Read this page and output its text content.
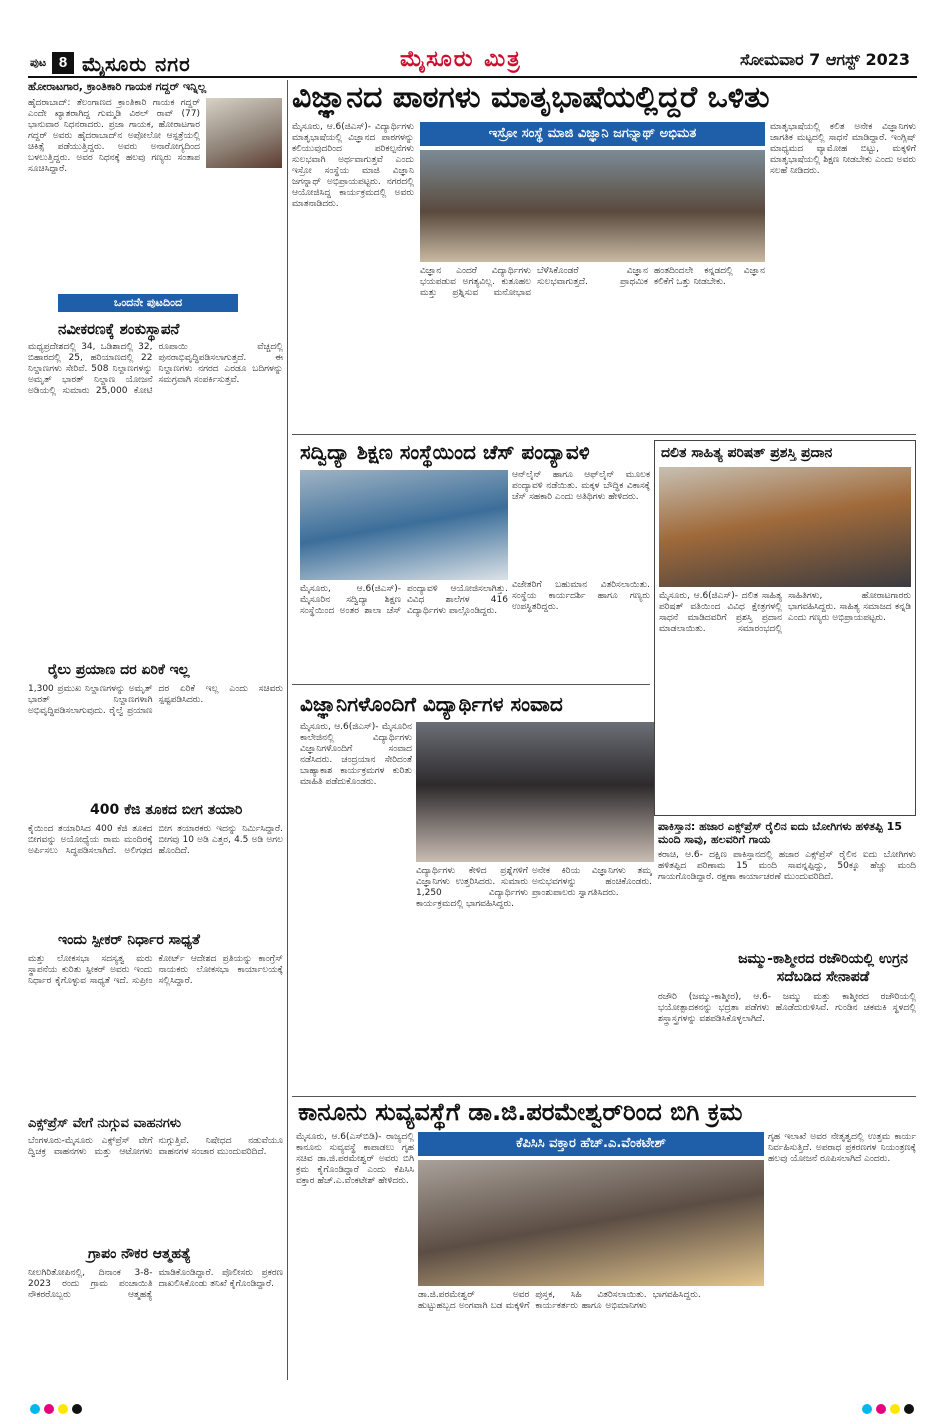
ಪುಟ 8 ಮೈಸೂರು ನಗರ	ಮೈಸೂರು ಮಿತ್ರ	ಸೋಮವಾರ 7 ಆಗಸ್ಟ್ 2023
ಹೋರಾಟಗಾರ, ಕ್ರಾಂತಿಕಾರಿ ಗಾಯಕ ಗದ್ದರ್ ಇನ್ನಿಲ್ಲ
ಹೈದರಾಬಾದ್: ತೆಲಂಗಾಣದ ಕ್ರಾಂತಿಕಾರಿ ಗಾಯಕ ಗದ್ದರ್ ಎಂದೇ ಖ್ಯಾತರಾಗಿದ್ದ ಗುಮ್ಮಡಿ ವಿಠಲ್ ರಾವ್ (77) ಭಾನುವಾರ ನಿಧನರಾದರು. ಪ್ರಜಾ ಗಾಯಕ, ಹೋರಾಟಗಾರ ಗದ್ದರ್ ಅವರು ಹೈದರಾಬಾದ್‌ನ ಅಪೋಲೋ ಆಸ್ಪತ್ರೆಯಲ್ಲಿ ಚಿಕಿತ್ಸೆ ಪಡೆಯುತ್ತಿದ್ದರು. ಅವರು ಅನಾರೋಗ್ಯದಿಂದ ಬಳಲುತ್ತಿದ್ದರು. ಅವರ ನಿಧನಕ್ಕೆ ಹಲವು ಗಣ್ಯರು ಸಂತಾಪ ಸೂಚಿಸಿದ್ದಾರೆ.
ಒಂದನೇ ಪುಟದಿಂದ
ನವೀಕರಣಕ್ಕೆ ಶಂಕುಸ್ಥಾಪನೆ
ಮಧ್ಯಪ್ರದೇಶದಲ್ಲಿ 34, ಒಡಿಶಾದಲ್ಲಿ 32, ಬಿಹಾರದಲ್ಲಿ 25, ಹರಿಯಾಣದಲ್ಲಿ 22 ನಿಲ್ದಾಣಗಳು ಸೇರಿವೆ. 508 ನಿಲ್ದಾಣಗಳನ್ನು ಅಮೃತ್ ಭಾರತ್ ನಿಲ್ದಾಣ ಯೋಜನೆ ಅಡಿಯಲ್ಲಿ ಸುಮಾರು 25,000 ಕೋಟಿ ರೂಪಾಯಿ ವೆಚ್ಚದಲ್ಲಿ ಪುನರಾಭಿವೃದ್ಧಿಪಡಿಸಲಾಗುತ್ತದೆ. ಈ ನಿಲ್ದಾಣಗಳು ನಗರದ ಎರಡೂ ಬದಿಗಳನ್ನು ಸಮಗ್ರವಾಗಿ ಸಂಪರ್ಕಿಸುತ್ತವೆ.
ರೈಲು ಪ್ರಯಾಣ ದರ ಏರಿಕೆ ಇಲ್ಲ
1,300 ಪ್ರಮುಖ ನಿಲ್ದಾಣಗಳನ್ನು ಅಮೃತ್ ಭಾರತ್ ನಿಲ್ದಾಣಗಳಾಗಿ ಅಭಿವೃದ್ಧಿಪಡಿಸಲಾಗುವುದು. ರೈಲ್ವೆ ಪ್ರಯಾಣ ದರ ಏರಿಕೆ ಇಲ್ಲ ಎಂದು ಸಚಿವರು ಸ್ಪಷ್ಟಪಡಿಸಿದರು.
400 ಕೆಜಿ ತೂಕದ ಬೀಗ ತಯಾರಿ
ಕೈಯಿಂದ ತಯಾರಿಸಿದ 400 ಕೆಜಿ ತೂಕದ ಬೀಗವನ್ನು ಅಯೋಧ್ಯೆಯ ರಾಮ ಮಂದಿರಕ್ಕೆ ಅರ್ಪಿಸಲು ಸಿದ್ಧಪಡಿಸಲಾಗಿದೆ. ಅಲಿಗಢದ ಬೀಗ ತಯಾರಕರು ಇದನ್ನು ನಿರ್ಮಿಸಿದ್ದಾರೆ. ಬೀಗವು 10 ಅಡಿ ಎತ್ತರ, 4.5 ಅಡಿ ಅಗಲ ಹೊಂದಿದೆ.
ಇಂದು ಸ್ಪೀಕರ್ ನಿರ್ಧಾರ ಸಾಧ್ಯತೆ
ಮತ್ತು ಲೋಕಸಭಾ ಸದಸ್ಯತ್ವ ಮರು ಸ್ಥಾಪನೆಯ ಕುರಿತು ಸ್ಪೀಕರ್ ಅವರು ಇಂದು ನಿರ್ಧಾರ ಕೈಗೊಳ್ಳುವ ಸಾಧ್ಯತೆ ಇದೆ. ಸುಪ್ರೀಂ ಕೋರ್ಟ್ ಆದೇಶದ ಪ್ರತಿಯನ್ನು ಕಾಂಗ್ರೆಸ್ ನಾಯಕರು ಲೋಕಸಭಾ ಕಾರ್ಯಾಲಯಕ್ಕೆ ಸಲ್ಲಿಸಿದ್ದಾರೆ.
ಎಕ್ಸ್‌ಪ್ರೆಸ್ ವೇಗೆ ನುಗ್ಗುವ ವಾಹನಗಳು
ಬೆಂಗಳೂರು-ಮೈಸೂರು ಎಕ್ಸ್‌ಪ್ರೆಸ್ ವೇಗೆ ದ್ವಿಚಕ್ರ ವಾಹನಗಳು ಮತ್ತು ಆಟೋಗಳು ನುಗ್ಗುತ್ತಿವೆ. ನಿಷೇಧದ ನಡುವೆಯೂ ವಾಹನಗಳ ಸಂಚಾರ ಮುಂದುವರಿದಿದೆ.
ಗ್ರಾಪಂ ನೌಕರ ಆತ್ಮಹತ್ಯೆ
ನೀಲಗಿರಿತೋಪಿನಲ್ಲಿ, ದಿನಾಂಕ 3-8-2023 ರಂದು ಗ್ರಾಮ ಪಂಚಾಯಿತಿ ನೌಕರರೊಬ್ಬರು ಆತ್ಮಹತ್ಯೆ ಮಾಡಿಕೊಂಡಿದ್ದಾರೆ. ಪೊಲೀಸರು ಪ್ರಕರಣ ದಾಖಲಿಸಿಕೊಂಡು ತನಿಖೆ ಕೈಗೊಂಡಿದ್ದಾರೆ.
ವಿಜ್ಞಾನದ ಪಾಠಗಳು ಮಾತೃಭಾಷೆಯಲ್ಲಿದ್ದರೆ ಒಳಿತು
ಮೈಸೂರು, ಆ.6(ಜಿಎಸ್)- ವಿದ್ಯಾರ್ಥಿಗಳು ಮಾತೃಭಾಷೆಯಲ್ಲಿ ವಿಜ್ಞಾನದ ಪಾಠಗಳನ್ನು ಕಲಿಯುವುದರಿಂದ ಪರಿಕಲ್ಪನೆಗಳು ಸುಲಭವಾಗಿ ಅರ್ಥವಾಗುತ್ತವೆ ಎಂದು ಇಸ್ರೋ ಸಂಸ್ಥೆಯ ಮಾಜಿ ವಿಜ್ಞಾನಿ ಜಗನ್ನಾಥ್ ಅಭಿಪ್ರಾಯಪಟ್ಟರು. ನಗರದಲ್ಲಿ ಆಯೋಜಿಸಿದ್ದ ಕಾರ್ಯಕ್ರಮದಲ್ಲಿ ಅವರು ಮಾತನಾಡಿದರು.
ಇಸ್ರೋ ಸಂಸ್ಥೆ ಮಾಜಿ ವಿಜ್ಞಾನಿ ಜಗನ್ನಾಥ್ ಅಭಿಮತ
ವಿಜ್ಞಾನ ಎಂದರೆ ವಿದ್ಯಾರ್ಥಿಗಳು ಭಯಪಡುವ ಅಗತ್ಯವಿಲ್ಲ. ಕುತೂಹಲ ಮತ್ತು ಪ್ರಶ್ನಿಸುವ ಮನೋಭಾವ ಬೆಳೆಸಿಕೊಂಡರೆ ವಿಜ್ಞಾನ ಸುಲಭವಾಗುತ್ತದೆ. ಪ್ರಾಥಮಿಕ ಹಂತದಿಂದಲೇ ಕನ್ನಡದಲ್ಲಿ ವಿಜ್ಞಾನ ಕಲಿಕೆಗೆ ಒತ್ತು ನೀಡಬೇಕು.
ಮಾತೃಭಾಷೆಯಲ್ಲಿ ಕಲಿತ ಅನೇಕ ವಿಜ್ಞಾನಿಗಳು ಜಾಗತಿಕ ಮಟ್ಟದಲ್ಲಿ ಸಾಧನೆ ಮಾಡಿದ್ದಾರೆ. ಇಂಗ್ಲಿಷ್ ಮಾಧ್ಯಮದ ವ್ಯಾಮೋಹ ಬಿಟ್ಟು, ಮಕ್ಕಳಿಗೆ ಮಾತೃಭಾಷೆಯಲ್ಲಿ ಶಿಕ್ಷಣ ನೀಡಬೇಕು ಎಂದು ಅವರು ಸಲಹೆ ನೀಡಿದರು.
ಸದ್ವಿದ್ಯಾ ಶಿಕ್ಷಣ ಸಂಸ್ಥೆಯಿಂದ ಚೆಸ್ ಪಂದ್ಯಾವಳಿ
ಆನ್‌ಲೈನ್ ಹಾಗೂ ಆಫ್‌ಲೈನ್ ಮೂಲಕ ಪಂದ್ಯಾವಳಿ ನಡೆಯಿತು. ಮಕ್ಕಳ ಬೌದ್ಧಿಕ ವಿಕಾಸಕ್ಕೆ ಚೆಸ್ ಸಹಕಾರಿ ಎಂದು ಅತಿಥಿಗಳು ಹೇಳಿದರು.
ಮೈಸೂರು, ಆ.6(ಜಿಎಸ್)- ಮೈಸೂರಿನ ಸದ್ವಿದ್ಯಾ ಶಿಕ್ಷಣ ಸಂಸ್ಥೆಯಿಂದ ಅಂತರ ಶಾಲಾ ಚೆಸ್ ಪಂದ್ಯಾವಳಿ ಆಯೋಜಿಸಲಾಗಿತ್ತು. ವಿವಿಧ ಶಾಲೆಗಳ 416 ವಿದ್ಯಾರ್ಥಿಗಳು ಪಾಲ್ಗೊಂಡಿದ್ದರು.
ವಿಜೇತರಿಗೆ ಬಹುಮಾನ ವಿತರಿಸಲಾಯಿತು. ಸಂಸ್ಥೆಯ ಕಾರ್ಯದರ್ಶಿ ಹಾಗೂ ಗಣ್ಯರು ಉಪಸ್ಥಿತರಿದ್ದರು.
ದಲಿತ ಸಾಹಿತ್ಯ ಪರಿಷತ್ ಪ್ರಶಸ್ತಿ ಪ್ರದಾನ
ಮೈಸೂರು, ಆ.6(ಜಿಎಸ್)- ದಲಿತ ಸಾಹಿತ್ಯ ಪರಿಷತ್ ವತಿಯಿಂದ ವಿವಿಧ ಕ್ಷೇತ್ರಗಳಲ್ಲಿ ಸಾಧನೆ ಮಾಡಿದವರಿಗೆ ಪ್ರಶಸ್ತಿ ಪ್ರದಾನ ಮಾಡಲಾಯಿತು. ಸಮಾರಂಭದಲ್ಲಿ ಸಾಹಿತಿಗಳು, ಹೋರಾಟಗಾರರು ಭಾಗವಹಿಸಿದ್ದರು. ಸಾಹಿತ್ಯ ಸಮಾಜದ ಕನ್ನಡಿ ಎಂದು ಗಣ್ಯರು ಅಭಿಪ್ರಾಯಪಟ್ಟರು.
ವಿಜ್ಞಾನಿಗಳೊಂದಿಗೆ ವಿದ್ಯಾರ್ಥಿಗಳ ಸಂವಾದ
ಮೈಸೂರು, ಆ.6(ಜಿಎಸ್)- ಮೈಸೂರಿನ ಕಾಲೇಜಿನಲ್ಲಿ ವಿದ್ಯಾರ್ಥಿಗಳು ವಿಜ್ಞಾನಿಗಳೊಂದಿಗೆ ಸಂವಾದ ನಡೆಸಿದರು. ಚಂದ್ರಯಾನ ಸೇರಿದಂತೆ ಬಾಹ್ಯಾಕಾಶ ಕಾರ್ಯಕ್ರಮಗಳ ಕುರಿತು ಮಾಹಿತಿ ಪಡೆದುಕೊಂಡರು.
ವಿದ್ಯಾರ್ಥಿಗಳು ಕೇಳಿದ ಪ್ರಶ್ನೆಗಳಿಗೆ ವಿಜ್ಞಾನಿಗಳು ಉತ್ತರಿಸಿದರು. ಸುಮಾರು 1,250 ವಿದ್ಯಾರ್ಥಿಗಳು ಕಾರ್ಯಕ್ರಮದಲ್ಲಿ ಭಾಗವಹಿಸಿದ್ದರು.
ಅನೇಕ ಕಿರಿಯ ವಿಜ್ಞಾನಿಗಳು ತಮ್ಮ ಅನುಭವಗಳನ್ನು ಹಂಚಿಕೊಂಡರು. ಪ್ರಾಂಶುಪಾಲರು ಸ್ವಾಗತಿಸಿದರು.
ಪಾಕಿಸ್ತಾನ: ಹಜಾರ ಎಕ್ಸ್‌ಪ್ರೆಸ್ ರೈಲಿನ ಐದು ಬೋಗಿಗಳು ಹಳಿತಪ್ಪಿ 15 ಮಂದಿ ಸಾವು, ಹಲವರಿಗೆ ಗಾಯ
ಕರಾಚಿ, ಆ.6- ದಕ್ಷಿಣ ಪಾಕಿಸ್ತಾನದಲ್ಲಿ ಹಜಾರ ಎಕ್ಸ್‌ಪ್ರೆಸ್ ರೈಲಿನ ಐದು ಬೋಗಿಗಳು ಹಳಿತಪ್ಪಿದ ಪರಿಣಾಮ 15 ಮಂದಿ ಸಾವನ್ನಪ್ಪಿದ್ದು, 50ಕ್ಕೂ ಹೆಚ್ಚು ಮಂದಿ ಗಾಯಗೊಂಡಿದ್ದಾರೆ. ರಕ್ಷಣಾ ಕಾರ್ಯಾಚರಣೆ ಮುಂದುವರಿದಿದೆ.
ಜಮ್ಮು-ಕಾಶ್ಮೀರದ ರಜೌರಿಯಲ್ಲಿ ಉಗ್ರನ ಸದೆಬಡಿದ ಸೇನಾಪಡೆ
ರಜೌರಿ (ಜಮ್ಮು-ಕಾಶ್ಮೀರ), ಆ.6- ಜಮ್ಮು ಮತ್ತು ಕಾಶ್ಮೀರದ ರಜೌರಿಯಲ್ಲಿ ಭಯೋತ್ಪಾದಕನನ್ನು ಭದ್ರತಾ ಪಡೆಗಳು ಹೊಡೆದುರುಳಿಸಿವೆ. ಗುಂಡಿನ ಚಕಮಕಿ ಸ್ಥಳದಲ್ಲಿ ಶಸ್ತ್ರಾಸ್ತ್ರಗಳನ್ನು ವಶಪಡಿಸಿಕೊಳ್ಳಲಾಗಿದೆ.
ಕಾನೂನು ಸುವ್ಯವಸ್ಥೆಗೆ ಡಾ.ಜಿ.ಪರಮೇಶ್ವರ್‌ರಿಂದ ಬಿಗಿ ಕ್ರಮ
ಮೈಸೂರು, ಆ.6(ಎಸ್‌ಬಿಡಿ)- ರಾಜ್ಯದಲ್ಲಿ ಕಾನೂನು ಸುವ್ಯವಸ್ಥೆ ಕಾಪಾಡಲು ಗೃಹ ಸಚಿವ ಡಾ.ಜಿ.ಪರಮೇಶ್ವರ್ ಅವರು ಬಿಗಿ ಕ್ರಮ ಕೈಗೊಂಡಿದ್ದಾರೆ ಎಂದು ಕೆಪಿಸಿಸಿ ವಕ್ತಾರ ಹೆಚ್.ಎ.ವೆಂಕಟೇಶ್ ಹೇಳಿದರು.
ಕೆಪಿಸಿಸಿ ವಕ್ತಾರ ಹೆಚ್.ಎ.ವೆಂಕಟೇಶ್
ಡಾ.ಜಿ.ಪರಮೇಶ್ವರ್ ಅವರ ಹುಟ್ಟುಹಬ್ಬದ ಅಂಗವಾಗಿ ಬಡ ಮಕ್ಕಳಿಗೆ ಪುಸ್ತಕ, ಸಿಹಿ ವಿತರಿಸಲಾಯಿತು. ಕಾರ್ಯಕರ್ತರು ಹಾಗೂ ಅಭಿಮಾನಿಗಳು ಭಾಗವಹಿಸಿದ್ದರು.
ಗೃಹ ಇಲಾಖೆ ಅವರ ನೇತೃತ್ವದಲ್ಲಿ ಉತ್ತಮ ಕಾರ್ಯ ನಿರ್ವಹಿಸುತ್ತಿದೆ. ಅಪರಾಧ ಪ್ರಕರಣಗಳ ನಿಯಂತ್ರಣಕ್ಕೆ ಹಲವು ಯೋಜನೆ ರೂಪಿಸಲಾಗಿದೆ ಎಂದರು.
